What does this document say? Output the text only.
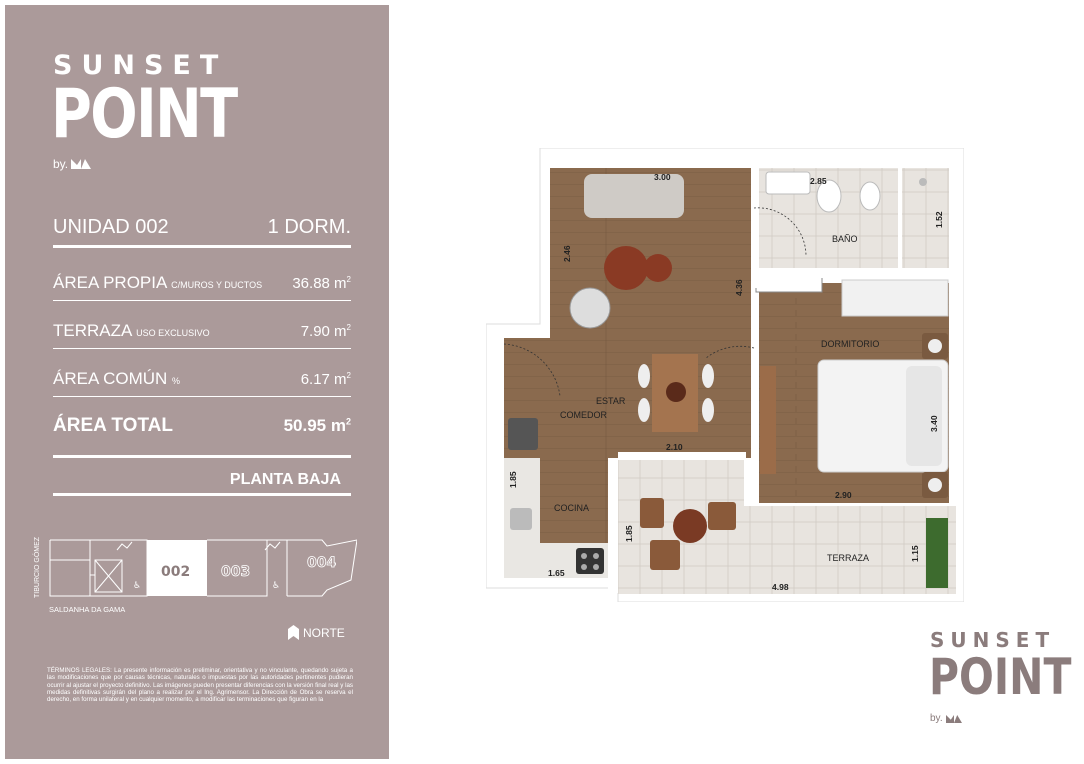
SUNSET
POINT
by.
UNIDAD 002	1 DORM.
ÁREA PROPIA C/MUROS Y DUCTOS 36.88 $m^2$
TERRAZA USO EXCLUSIVO	7.90 $m^2$
ÁREA COMÚN %	6.17 $m^2$
ÁREA TOTAL	50.95 $m^2$
PLANTA BAJA
TIBURCIO GÓMEZ
SALDANHA DA GAMA
002 003
004
♿	♿
NORTE
TÉRMINOS LEGALES: La presente información es preliminar, orientativa y no vinculante, quedando sujeta a las modificaciones que por causas técnicas, naturales o impuestas por las autoridades pertinentes pudieran ocurrir al ajustar el proyecto definitivo. Las imágenes pueden presentar diferencias con la versión final real y las medidas definitivas surgirán del plano a realizar por el Ing. Agrimensor. La Dirección de Obra se reserva el derecho, en forma unilateral y en cualquier momento, a modificar las terminaciones que figuran en la
BAÑO
DORMITORIO
ESTAR
COMEDOR
COCINA
TERRAZA
3.00	2.85
1.52
2.46
4.36
3.40
2.10
2.90
1.85
1.85
1.65
4.98
1.15
SUNSET
POINT
by.
